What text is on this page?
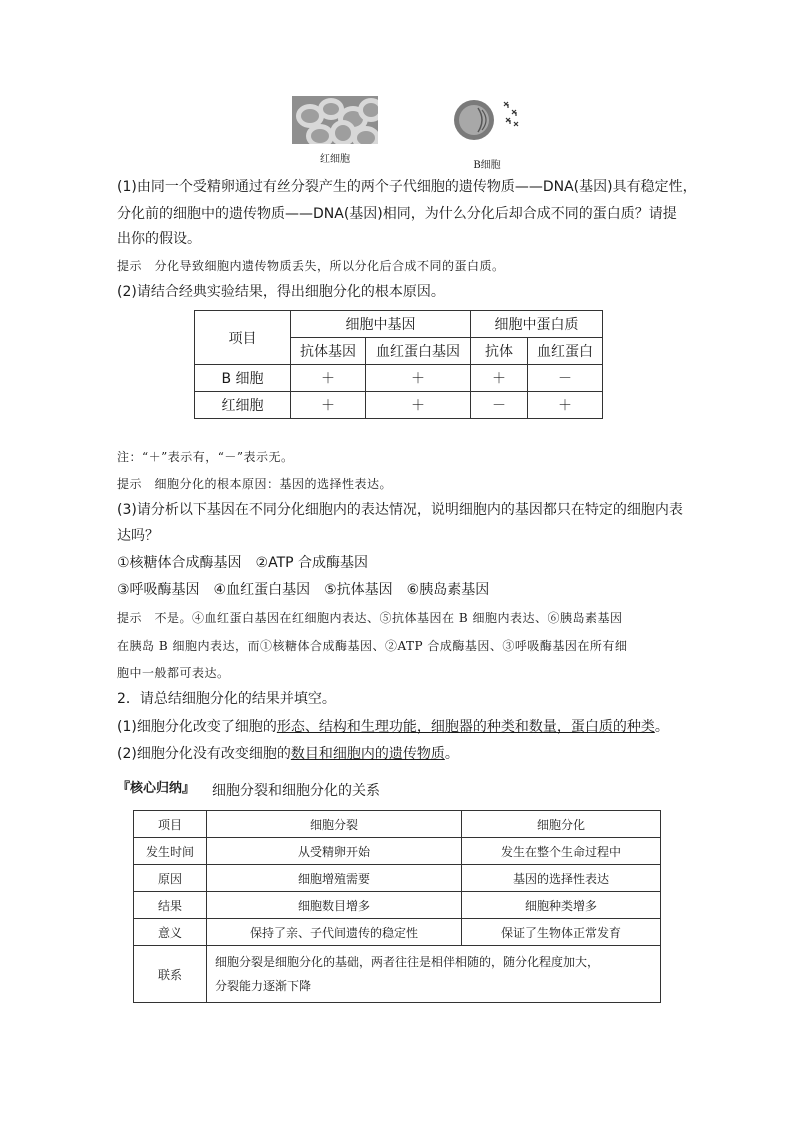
红细胞
B细胞
(1)由同一个受精卵通过有丝分裂产生的两个子代细胞的遗传物质——DNA(基因)具有稳定性，
分化前的细胞中的遗传物质——DNA(基因)相同，为什么分化后却合成不同的蛋白质？请提
出你的假设。
提示　分化导致细胞内遗传物质丢失，所以分化后合成不同的蛋白质。
(2)请结合经典实验结果，得出细胞分化的根本原因。
项目	细胞中基因		细胞中蛋白质	
	抗体基因	血红蛋白基因	抗体	血红蛋白
B 细胞	＋	＋	＋	－
红细胞	＋	＋	－	＋
注：“＋”表示有，“－”表示无。
提示　细胞分化的根本原因：基因的选择性表达。
(3)请分析以下基因在不同分化细胞内的表达情况，说明细胞内的基因都只在特定的细胞内表
达吗？
①核糖体合成酶基因　②ATP 合成酶基因
③呼吸酶基因　④血红蛋白基因　⑤抗体基因　⑥胰岛素基因
提示　不是。④血红蛋白基因在红细胞内表达、⑤抗体基因在 B 细胞内表达、⑥胰岛素基因
在胰岛 B 细胞内表达，而①核糖体合成酶基因、②ATP 合成酶基因、③呼吸酶基因在所有细
胞中一般都可表达。
2．请总结细胞分化的结果并填空。
(1)细胞分化改变了细胞的形态、结构和生理功能，细胞器的种类和数量，蛋白质的种类。
(2)细胞分化没有改变细胞的数目和细胞内的遗传物质。
『核心归纳』 细胞分裂和细胞分化的关系
项目	细胞分裂	细胞分化
发生时间	从受精卵开始	发生在整个生命过程中
原因	细胞增殖需要	基因的选择性表达
结果	细胞数目增多	细胞种类增多
意义	保持了亲、子代间遗传的稳定性	保证了生物体正常发育
联系	细胞分裂是细胞分化的基础，两者往往是相伴相随的，随分化程度加大，
分裂能力逐渐下降	
